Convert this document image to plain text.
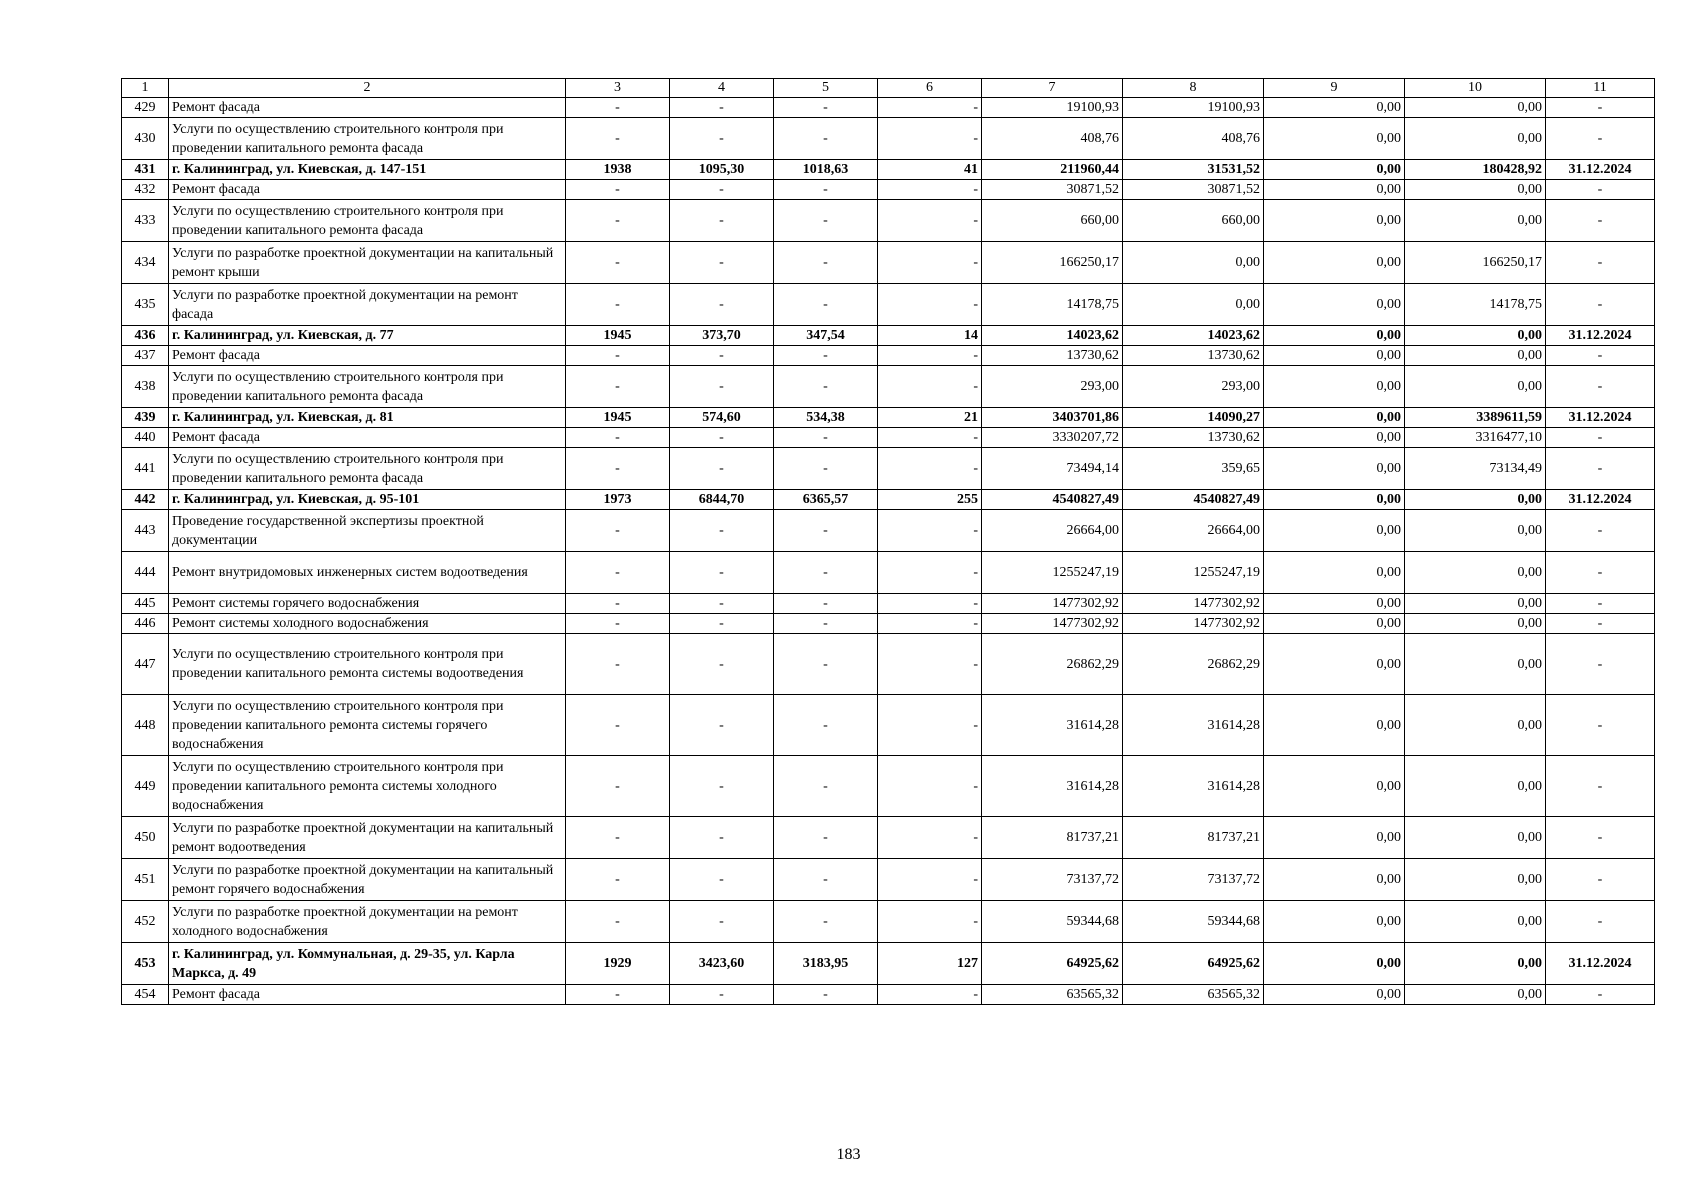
1	2	3	4	5	6	7	8	9	10	11
429	Ремонт фасада	-	-	-	-	19100,93	19100,93	0,00	0,00	-
430	Услуги по осуществлению строительного контроля при проведении капитального ремонта фасада	-	-	-	-	408,76	408,76	0,00	0,00	-
431	г. Калининград, ул. Киевская, д. 147-151	1938	1095,30	1018,63	41	211960,44	31531,52	0,00	180428,92	31.12.2024
432	Ремонт фасада	-	-	-	-	30871,52	30871,52	0,00	0,00	-
433	Услуги по осуществлению строительного контроля при проведении капитального ремонта фасада	-	-	-	-	660,00	660,00	0,00	0,00	-
434	Услуги по разработке проектной документации на капитальный ремонт крыши	-	-	-	-	166250,17	0,00	0,00	166250,17	-
435	Услуги по разработке проектной документации на ремонт фасада	-	-	-	-	14178,75	0,00	0,00	14178,75	-
436	г. Калининград, ул. Киевская, д. 77	1945	373,70	347,54	14	14023,62	14023,62	0,00	0,00	31.12.2024
437	Ремонт фасада	-	-	-	-	13730,62	13730,62	0,00	0,00	-
438	Услуги по осуществлению строительного контроля при проведении капитального ремонта фасада	-	-	-	-	293,00	293,00	0,00	0,00	-
439	г. Калининград, ул. Киевская, д. 81	1945	574,60	534,38	21	3403701,86	14090,27	0,00	3389611,59	31.12.2024
440	Ремонт фасада	-	-	-	-	3330207,72	13730,62	0,00	3316477,10	-
441	Услуги по осуществлению строительного контроля при проведении капитального ремонта фасада	-	-	-	-	73494,14	359,65	0,00	73134,49	-
442	г. Калининград, ул. Киевская, д. 95-101	1973	6844,70	6365,57	255	4540827,49	4540827,49	0,00	0,00	31.12.2024
443	Проведение государственной экспертизы проектной документации	-	-	-	-	26664,00	26664,00	0,00	0,00	-
444	Ремонт внутридомовых инженерных систем водоотведения	-	-	-	-	1255247,19	1255247,19	0,00	0,00	-
445	Ремонт системы горячего водоснабжения	-	-	-	-	1477302,92	1477302,92	0,00	0,00	-
446	Ремонт системы холодного водоснабжения	-	-	-	-	1477302,92	1477302,92	0,00	0,00	-
447	Услуги по осуществлению строительного контроля при проведении капитального ремонта системы водоотведения	-	-	-	-	26862,29	26862,29	0,00	0,00	-
448	Услуги по осуществлению строительного контроля при проведении капитального ремонта системы горячего водоснабжения	-	-	-	-	31614,28	31614,28	0,00	0,00	-
449	Услуги по осуществлению строительного контроля при проведении капитального ремонта системы холодного водоснабжения	-	-	-	-	31614,28	31614,28	0,00	0,00	-
450	Услуги по разработке проектной документации на капитальный ремонт водоотведения	-	-	-	-	81737,21	81737,21	0,00	0,00	-
451	Услуги по разработке проектной документации на капитальный ремонт горячего водоснабжения	-	-	-	-	73137,72	73137,72	0,00	0,00	-
452	Услуги по разработке проектной документации на ремонт холодного водоснабжения	-	-	-	-	59344,68	59344,68	0,00	0,00	-
453	г. Калининград, ул. Коммунальная, д. 29-35, ул. Карла Маркса, д. 49	1929	3423,60	3183,95	127	64925,62	64925,62	0,00	0,00	31.12.2024
454	Ремонт фасада	-	-	-	-	63565,32	63565,32	0,00	0,00	-
183
